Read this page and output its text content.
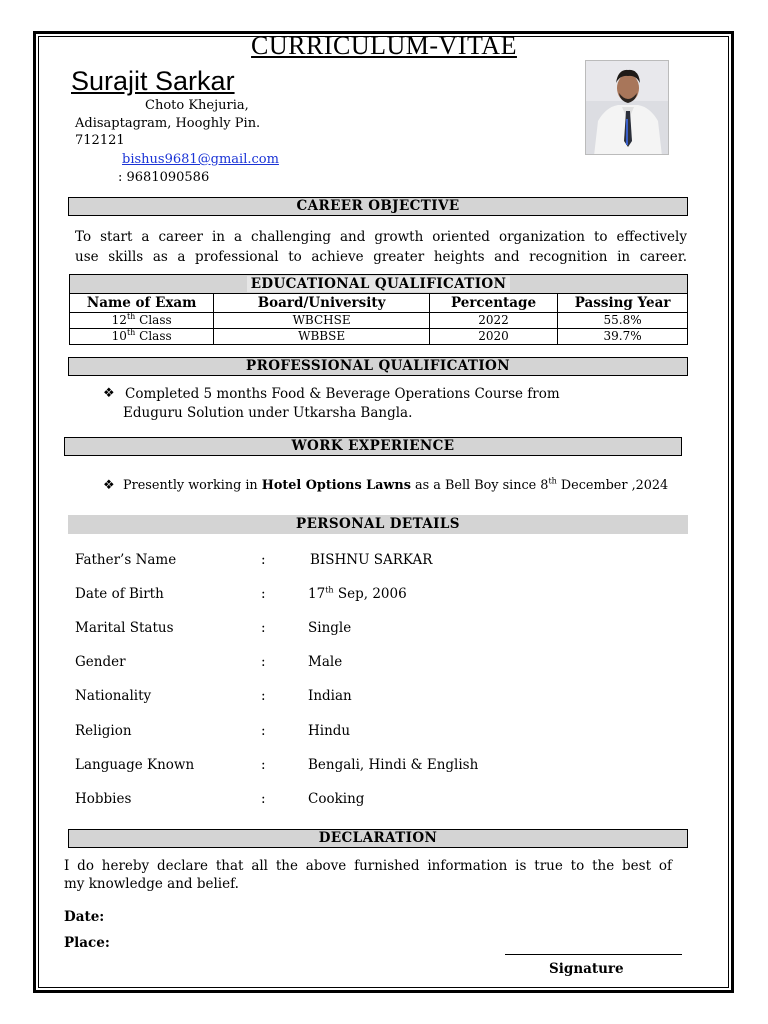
CURRICULUM-VITAE
Surajit Sarkar
Choto Khejuria,
Adisaptagram, Hooghly Pin.
712121
bishus9681@gmail.com
: 9681090586
CAREER OBJECTIVE
To start a career in a challenging and growth oriented organization to effectively
use skills as a professional to achieve greater heights and recognition in career.
EDUCATIONAL QUALIFICATION			
Name of Exam	Board/University	Percentage	Passing Year
12th Class	WBCHSE	2022	55.8%
10th Class	WBBSE	2020	39.7%
PROFESSIONAL QUALIFICATION
❖ Completed 5 months Food & Beverage Operations Course from
Eduguru Solution under Utkarsha Bangla.
WORK EXPERIENCE
❖ Presently working in Hotel Options Lawns as a Bell Boy since 8th December ,2024
PERSONAL DETAILS
Father’s Name	:	BISHNU SARKAR
Date of Birth	:	17th Sep, 2006
Marital Status	:	Single
Gender	:	Male
Nationality	:	Indian
Religion	:	Hindu
Language Known	:	Bengali, Hindi & English
Hobbies	:	Cooking
DECLARATION
I do hereby declare that all the above furnished information is true to the best of
my knowledge and belief.
Date:
Place:
Signature
